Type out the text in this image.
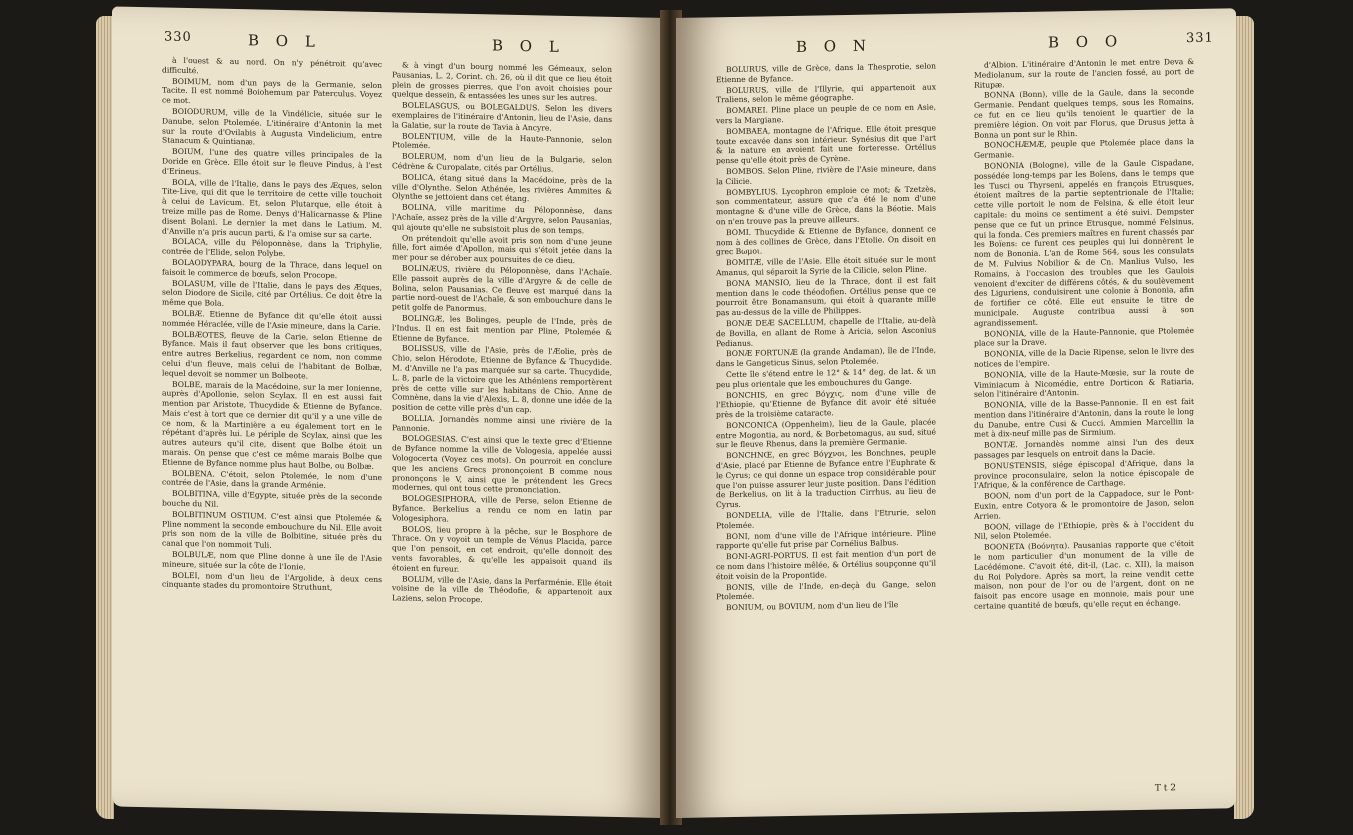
330	B O L	B O L

à l'ouest & au nord. On n'y pénétroit qu'avec difficulté.

BOIMUM, nom d'un pays de la Germanie, selon Tacite. Il est nommé Boiohemum par Paterculus. Voyez ce mot.

BOIODURUM, ville de la Vindélicie, située sur le Danube, selon Ptolemée. L'itinéraire d'Antonin la met sur la route d'Ovilabis à Augusta Vindelicium, entre Stanacum & Quintianæ.

BOIUM, l'une des quatre villes principales de la Doride en Grèce. Elle étoit sur le fleuve Pindus, à l'est d'Erineus.

BOLA, ville de l'Italie, dans le pays des Æques, selon Tite-Live, qui dit que le territoire de cette ville touchoit à celui de Lavicum. Et, selon Plutarque, elle étoit à treize mille pas de Rome. Denys d'Halicarnasse & Pline disent Bolani. Le dernier la met dans le Latium. M. d'Anville n'a pris aucun parti, & l'a omise sur sa carte.

BOLACA, ville du Péloponnèse, dans la Triphylie, contrée de l'Elide, selon Polybe.

BOLAODYPARA, bourg de la Thrace, dans lequel on faisoit le commerce de bœufs, selon Procope.

BOLASUM, ville de l'Italie, dans le pays des Æques, selon Diodore de Sicile, cité par Ortélius. Ce doit être la même que Bola.

BOLBÆ. Etienne de Byfance dit qu'elle étoit aussi nommée Héraclée, ville de l'Asie mineure, dans la Carie.

BOLBÆOTES, fleuve de la Carie, selon Etienne de Byfance. Mais il faut observer que les bons critiques, entre autres Berkelius, regardent ce nom, non comme celui d'un fleuve, mais celui de l'habitant de Bolbæ, lequel devoit se nommer un Bolbeote.

BOLBE, marais de la Macédoine, sur la mer Ionienne, auprès d'Apollonie, selon Scylax. Il en est aussi fait mention par Aristote, Thucydide & Etienne de Byfance. Mais c'est à tort que ce dernier dit qu'il y a une ville de ce nom, & la Martinière a eu également tort en le répétant d'après lui. Le périple de Scylax, ainsi que les autres auteurs qu'il cite, disent que Bolbe étoit un marais. On pense que c'est ce même marais Bolbe que Etienne de Byfance nomme plus haut Bolbe, ou Bolbæ.

BOLBENA. C'étoit, selon Ptolemée, le nom d'une contrée de l'Asie, dans la grande Arménie.

BOLBITINA, ville d'Egypte, située près de la seconde bouche du Nil.

BOLBITINUM OSTIUM. C'est ainsi que Ptolemée & Pline nomment la seconde embouchure du Nil. Elle avoit pris son nom de la ville de Bolbitine, située près du canal que l'on nommoit Tuli.

BOLBULÆ, nom que Pline donne à une île de l'Asie mineure, située sur la côte de l'Ionie.

BOLEI, nom d'un lieu de l'Argolide, à deux cens cinquante stades du promontoire Struthunt,

& à vingt d'un bourg nommé les Gémeaux, selon Pausanias, L. 2, Corint. ch. 26, où il dit que ce lieu étoit plein de grosses pierres, que l'on avoit choisies pour quelque dessein, & entassées les unes sur les autres.

BOLELASGUS, ou BOLEGALDUS. Selon les divers exemplaires de l'itinéraire d'Antonin, lieu de l'Asie, dans la Galatie, sur la route de Tavia à Ancyre.

BOLENTIUM, ville de la Haute-Pannonie, selon Ptolemée.

BOLERUM, nom d'un lieu de la Bulgarie, selon Cédrène & Curopalate, cités par Ortélius.

BOLICA, étang situé dans la Macédoine, près de la ville d'Olynthe. Selon Athénée, les rivières Ammites & Olynthe se jettoient dans cet étang.

BOLINA, ville maritime du Péloponnèse, dans l'Achaïe, assez près de la ville d'Argyre, selon Pausanias, qui ajoute qu'elle ne subsistoit plus de son temps.

On prétendoit qu'elle avoit pris son nom d'une jeune fille, fort aimée d'Apollon, mais qui s'étoit jetée dans la mer pour se dérober aux poursuites de ce dieu.

BOLINÆUS, rivière du Péloponnèse, dans l'Achaïe. Elle passoit auprès de la ville d'Argyre & de celle de Bolina, selon Pausanias. Ce fleuve est marqué dans la partie nord-ouest de l'Achaïe, & son embouchure dans le petit golfe de Panormus.

BOLINGÆ, les Bolinges, peuple de l'Inde, près de l'Indus. Il en est fait mention par Pline, Ptolemée & Etienne de Byfance.

BOLISSUS, ville de l'Asie, près de l'Æolie, près de Chio, selon Hérodote, Etienne de Byfance & Thucydide. M. d'Anville ne l'a pas marquée sur sa carte. Thucydide, L. 8, parle de la victoire que les Athéniens remportèrent près de cette ville sur les habitans de Chio. Anne de Comnène, dans la vie d'Alexis, L. 8, donne une idée de la position de cette ville près d'un cap.

BOLLIA. Jornandès nomme ainsi une rivière de la Pannonie.

BOLOGESIAS. C'est ainsi que le texte grec d'Etienne de Byfance nomme la ville de Vologesia, appelée aussi Vologocerta (Voyez ces mots). On pourroit en conclure que les anciens Grecs prononçoient B comme nous prononçons le V, ainsi que le prétendent les Grecs modernes, qui ont tous cette prononciation.

BOLOGESIPHORA, ville de Perse, selon Etienne de Byfance. Berkelius a rendu ce nom en latin par Vologesiphora.

BOLOS, lieu propre à la pêche, sur le Bosphore de Thrace. On y voyoit un temple de Vénus Placida, parce que l'on pensoit, en cet endroit, qu'elle donnoit des vents favorables, & qu'elle les appaisoit quand ils étoient en fureur.

BOLUM, ville de l'Asie, dans la Perfarménie. Elle étoit voisine de la ville de Théodofie, & appartenoit aux Laziens, selon Procope.

B O N	B O O	331

BOLURUS, ville de Grèce, dans la Thesprotie, selon Etienne de Byfance.

BOLURUS, ville de l'Illyrie, qui appartenoit aux Traliens, selon le même géographe.

BOMAREI. Pline place un peuple de ce nom en Asie, vers la Margiane.

BOMBAEA, montagne de l'Afrique. Elle étoit presque toute excavée dans son intérieur. Synésius dit que l'art & la nature en avoient fait une forteresse. Ortélius pense qu'elle étoit près de Cyrène.

BOMBOS. Selon Pline, rivière de l'Asie mineure, dans la Cilicie.

BOMBYLIUS. Lycophron emploie ce mot; & Tzetzès, son commentateur, assure que c'a été le nom d'une montagne & d'une ville de Grèce, dans la Béotie. Mais on n'en trouve pas la preuve ailleurs.

BOMI. Thucydide & Etienne de Byfance, donnent ce nom à des collines de Grèce, dans l'Etolie. On disoit en grec Βωμοι.

BOMITÆ, ville de l'Asie. Elle étoit située sur le mont Amanus, qui séparoit la Syrie de la Cilicie, selon Pline.

BONA MANSIO, lieu de la Thrace, dont il est fait mention dans le code théodofien. Ortélius pense que ce pourroit être Bonamansum, qui étoit à quarante mille pas au-dessus de la ville de Philippes.

BONÆ DEÆ SACELLUM, chapelle de l'Italie, au-delà de Bovilla, en allant de Rome à Aricia, selon Asconius Pedianus.

BONÆ FORTUNÆ (la grande Andaman), île de l'Inde, dans le Gangeticus Sinus, selon Ptolemée.

Cette île s'étend entre le 12° & 14° deg. de lat. & un peu plus orientale que les embouchures du Gange.

BONCHIS, en grec Βόγχις, nom d'une ville de l'Ethiopie, qu'Etienne de Byfance dit avoir été située près de la troisième cataracte.

BONCONICA (Oppenheim), lieu de la Gaule, placée entre Mogontia, au nord, & Borbetomagus, au sud, situé sur le fleuve Rhenus, dans la première Germanie.

BONCHNŒ, en grec Βόγχνοι, les Bonchnes, peuple d'Asie, placé par Etienne de Byfance entre l'Euphrate & le Cyrus; ce qui donne un espace trop considérable pour que l'on puisse assurer leur juste position. Dans l'édition de Berkelius, on lit à la traduction Cirrhus, au lieu de Cyrus.

BONDELIA, ville de l'Italie, dans l'Etrurie, selon Ptolemée.

BONI, nom d'une ville de l'Afrique intérieure. Pline rapporte qu'elle fut prise par Cornélius Balbus.

BONI-AGRI-PORTUS. Il est fait mention d'un port de ce nom dans l'histoire mêlée, & Ortélius soupçonne qu'il étoit voisin de la Propontide.

BONIS, ville de l'Inde, en-deçà du Gange, selon Ptolemée.

BONIUM, ou BOVIUM, nom d'un lieu de l'île

d'Albion. L'itinéraire d'Antonin le met entre Deva & Mediolanum, sur la route de l'ancien fossé, au port de Ritupæ.

BONNA (Bonn), ville de la Gaule, dans la seconde Germanie. Pendant quelques temps, sous les Romains, ce fut en ce lieu qu'ils tenoient le quartier de la première légion. On voit par Florus, que Drusus jetta à Bonna un pont sur le Rhin.

BONOCHÆMÆ, peuple que Ptolemée place dans la Germanie.

BONONIA (Bologne), ville de la Gaule Cispadane, possédée long-temps par les Boïens, dans le temps que les Tusci ou Thyrseni, appelés en françois Etrusques, étoient maîtres de la partie septentrionale de l'Italie; cette ville portoit le nom de Felsina, & elle étoit leur capitale: du moins ce sentiment a été suivi. Dempster pense que ce fut un prince Etrusque, nommé Felsinus, qui la fonda. Ces premiers maîtres en furent chassés par les Boïens: ce furent ces peuples qui lui donnèrent le nom de Bononia. L'an de Rome 564, sous les consulats de M. Fulvius Nobilior & de Cn. Manlius Vulso, les Romains, à l'occasion des troubles que les Gaulois venoient d'exciter de différens côtés, & du soulèvement des Liguriens, conduisirent une colonie à Bononia, afin de fortifier ce côté. Elle eut ensuite le titre de municipale. Auguste contribua aussi à son agrandissement.

BONONIA, ville de la Haute-Pannonie, que Ptolemée place sur la Drave.

BONONIA, ville de la Dacie Ripense, selon le livre des notices de l'empire.

BONONIA, ville de la Haute-Mœsie, sur la route de Viminiacum à Nicomédie, entre Dorticon & Ratiaria, selon l'itinéraire d'Antonin.

BONONIA, ville de la Basse-Pannonie. Il en est fait mention dans l'itinéraire d'Antonin, dans la route le long du Danube, entre Cusi & Cucci. Ammien Marcellin la met à dix-neuf mille pas de Sirmium.

BONTÆ. Jornandès nomme ainsi l'un des deux passages par lesquels on entroit dans la Dacie.

BONUSTENSIS, siége épiscopal d'Afrique, dans la province proconsulaire, selon la notice épiscopale de l'Afrique, & la conférence de Carthage.

BOON, nom d'un port de la Cappadoce, sur le Pont-Euxin, entre Cotyora & le promontoire de Jason, selon Arrien.

BOON, village de l'Ethiopie, près & à l'occident du Nil, selon Ptolemée.

BOONETA (Βοόνητα). Pausanias rapporte que c'étoit le nom particulier d'un monument de la ville de Lacédémone. C'avoit été, dit-il, (Lac. c. XII), la maison du Roi Polydore. Après sa mort, la reine vendit cette maison, non pour de l'or ou de l'argent, dont on ne faisoit pas encore usage en monnoie, mais pour une certaine quantité de bœufs, qu'elle reçut en échange.

T t 2
